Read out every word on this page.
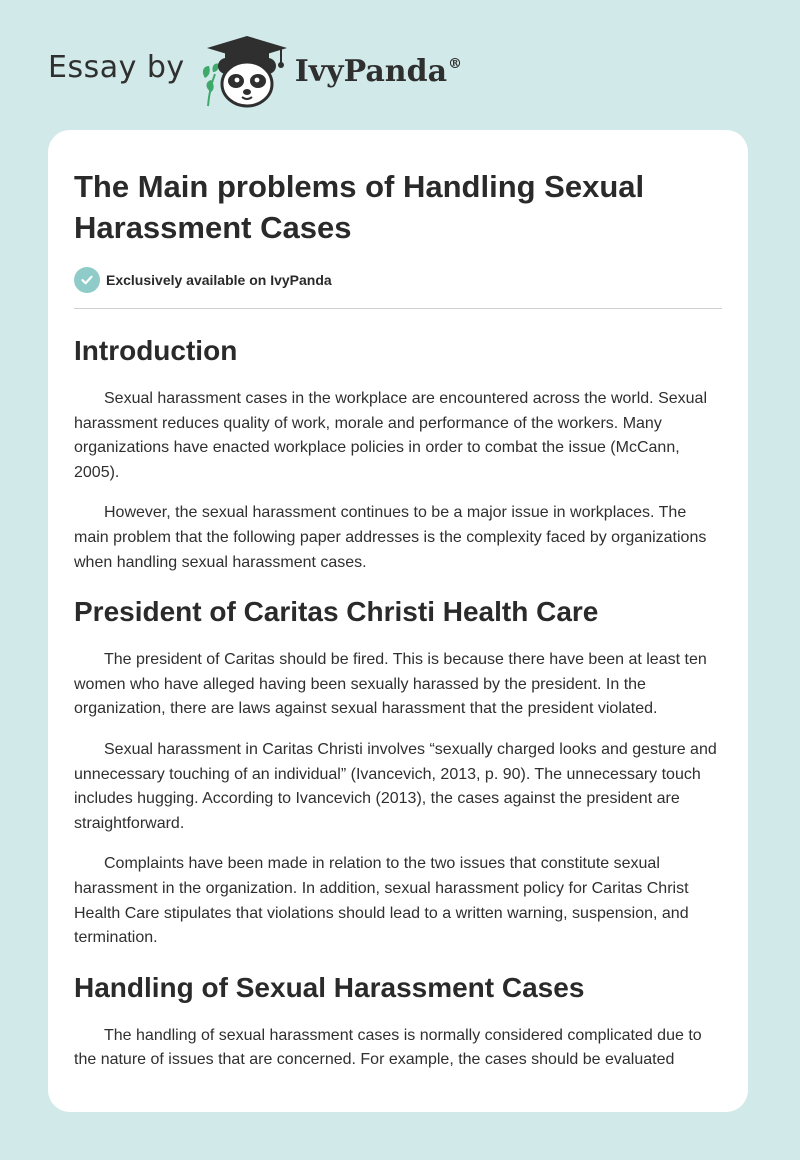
Essay by	IvyPanda®
The Main problems of Handling Sexual Harassment Cases
Exclusively available on IvyPanda
Introduction

Sexual harassment cases in the workplace are encountered across the world. Sexual harassment reduces quality of work, morale and performance of the workers. Many organizations have enacted workplace policies in order to combat the issue (McCann, 2005).

However, the sexual harassment continues to be a major issue in workplaces. The main problem that the following paper addresses is the complexity faced by organizations when handling sexual harassment cases.

President of Caritas Christi Health Care

The president of Caritas should be fired. This is because there have been at least ten women who have alleged having been sexually harassed by the president. In the organization, there are laws against sexual harassment that the president violated.

Sexual harassment in Caritas Christi involves “sexually charged looks and gesture and unnecessary touching of an individual” (Ivancevich, 2013, p. 90). The unnecessary touch includes hugging. According to Ivancevich (2013), the cases against the president are straightforward.

Complaints have been made in relation to the two issues that constitute sexual harassment in the organization. In addition, sexual harassment policy for Caritas Christ Health Care stipulates that violations should lead to a written warning, suspension, and termination.

Handling of Sexual Harassment Cases

The handling of sexual harassment cases is normally considered complicated due to the nature of issues that are concerned. For example, the cases should be evaluated
